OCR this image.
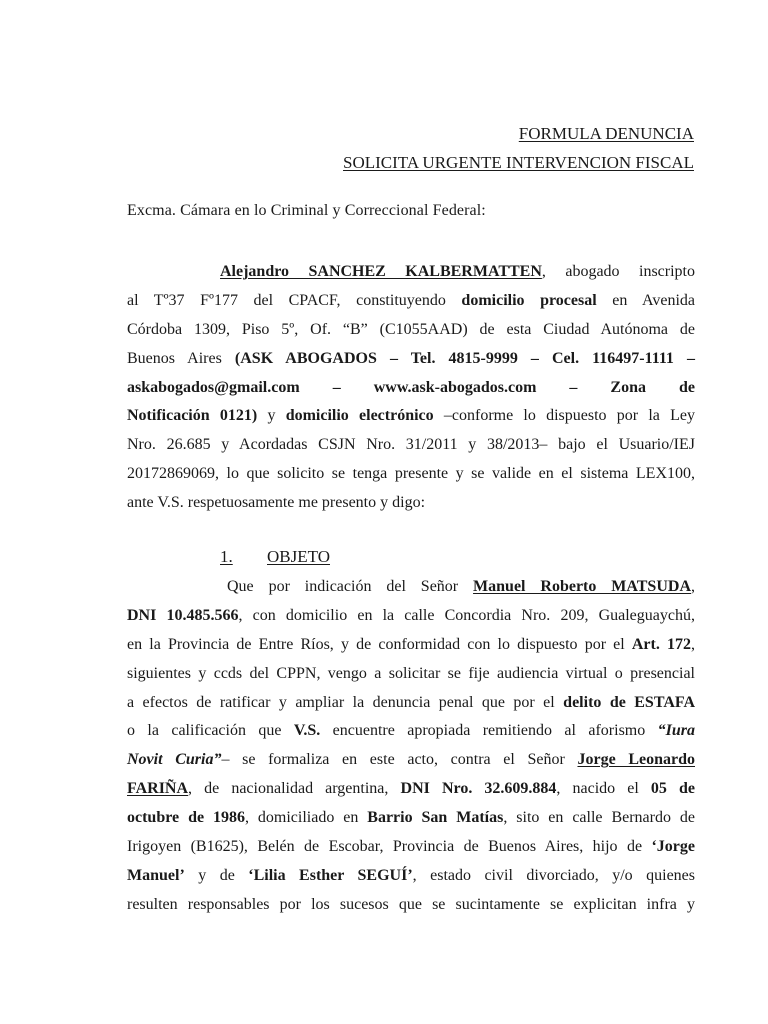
FORMULA DENUNCIA
SOLICITA URGENTE INTERVENCION FISCAL
Excma. Cámara en lo Criminal y Correccional Federal:
Alejandro SANCHEZ KALBERMATTEN, abogado inscripto
al Tº37 Fº177 del CPACF, constituyendo domicilio procesal en Avenida
Córdoba 1309, Piso 5º, Of. “B” (C1055AAD) de esta Ciudad Autónoma de
Buenos Aires (ASK ABOGADOS – Tel. 4815-9999 – Cel. 116497-1111 –
askabogados@gmail.com – www.ask-abogados.com – Zona de
Notificación 0121) y domicilio electrónico –conforme lo dispuesto por la Ley
Nro. 26.685 y Acordadas CSJN Nro. 31/2011 y 38/2013– bajo el Usuario/IEJ
20172869069, lo que solicito se tenga presente y se valide en el sistema LEX100,
ante V.S. respetuosamente me presento y digo:
1. OBJETO
Que por indicación del Señor Manuel Roberto MATSUDA,
DNI 10.485.566, con domicilio en la calle Concordia Nro. 209, Gualeguaychú,
en la Provincia de Entre Ríos, y de conformidad con lo dispuesto por el Art. 172,
siguientes y ccds del CPPN, vengo a solicitar se fije audiencia virtual o presencial
a efectos de ratificar y ampliar la denuncia penal que por el delito de ESTAFA
o la calificación que V.S. encuentre apropiada remitiendo al aforismo “Iura
Novit Curia”– se formaliza en este acto, contra el Señor Jorge Leonardo
FARIÑA, de nacionalidad argentina, DNI Nro. 32.609.884, nacido el 05 de
octubre de 1986, domiciliado en Barrio San Matías, sito en calle Bernardo de
Irigoyen (B1625), Belén de Escobar, Provincia de Buenos Aires, hijo de ‘Jorge
Manuel’ y de ‘Lilia Esther SEGUÍ’, estado civil divorciado, y/o quienes
resulten responsables por los sucesos que se sucintamente se explicitan infra y
